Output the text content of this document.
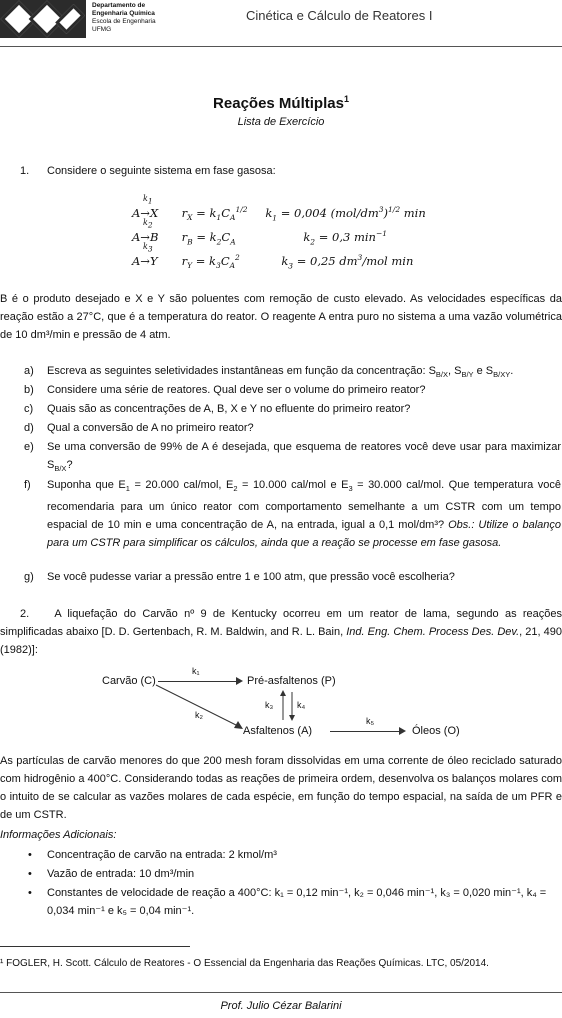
Departamento de
Engenharia Química
Escola de Engenharia
UFMG
Cinética e Cálculo de Reatores I
Reações Múltiplas$^1$
Lista de Exercício
1. Considere o seguinte sistema em fase gasosa:
$k_1$
A→X $r_X = k_1C_A^{1/2}$ $k_1 = 0,004$ $(mol/dm^3)^{1/2}$ min
$k_2$
A→B $r_B = k_2C_A$	$k_2 = 0,3$ $\min^{-1}$
$k_3$
A→Y $r_Y = k_3C_A^2$	$k_3 = 0,25$ $dm^3$/mol min
B é o produto desejado e X e Y são poluentes com remoção de custo elevado. As velocidades específicas da reação estão a 27°C, que é a temperatura do reator. O reagente A entra puro no sistema a uma vazão volumétrica de 10 dm³/min e pressão de 4 atm.
a) Escreva as seguintes seletividades instantâneas em função da concentração: $S_{B/X}$, $S_{B/Y}$ e $S_{B/XY}$.
b) Considere uma série de reatores. Qual deve ser o volume do primeiro reator?
c) Quais são as concentrações de A, B, X e Y no efluente do primeiro reator?
d) Qual a conversão de A no primeiro reator?
e) Se uma conversão de 99% de A é desejada, que esquema de reatores você deve usar para maximizar $S_{B/X}$?
f) Suponha que $E_1 = 20.000$ cal/mol, $E_2 = 10.000$ cal/mol e $E_3 = 30.000$ cal/mol. Que temperatura você recomendaria para um único reator com comportamento semelhante a um CSTR com um tempo espacial de 10 min e uma concentração de A, na entrada, igual a 0,1 mol/dm³? Obs.: Utilize o balanço para um CSTR para simplificar os cálculos, ainda que a reação se processe em fase gasosa.
g) Se você pudesse variar a pressão entre 1 e 100 atm, que pressão você escolheria?
2.    A liquefação do Carvão nº 9 de Kentucky ocorreu em um reator de lama, segundo as reações simplificadas abaixo [D. D. Gertenbach, R. M. Baldwin, and R. L. Bain, Ind. Eng. Chem. Process Des. Dev., 21, 490 (1982)]:
Carvão (C)	Pré-asfaltenos (P)
Asfaltenos (A)	Óleos (O)
k₁
k₂
k₃	k₄
k₅
As partículas de carvão menores do que 200 mesh foram dissolvidas em uma corrente de óleo reciclado saturado com hidrogênio a 400°C. Considerando todas as reações de primeira ordem, desenvolva os balanços molares com o intuito de se calcular as vazões molares de cada espécie, em função do tempo espacial, na saída de um PFR e de um CSTR.
Informações Adicionais:
• Concentração de carvão na entrada: 2 kmol/m³
• Vazão de entrada: 10 dm³/min
• Constantes de velocidade de reação a 400°C: k₁ = 0,12 min⁻¹, k₂ = 0,046 min⁻¹, k₃ = 0,020 min⁻¹, k₄ = 0,034 min⁻¹ e k₅ = 0,04 min⁻¹.
¹ FOGLER, H. Scott. Cálculo de Reatores - O Essencial da Engenharia das Reações Químicas. LTC, 05/2014.
Prof. Julio Cézar Balarini
